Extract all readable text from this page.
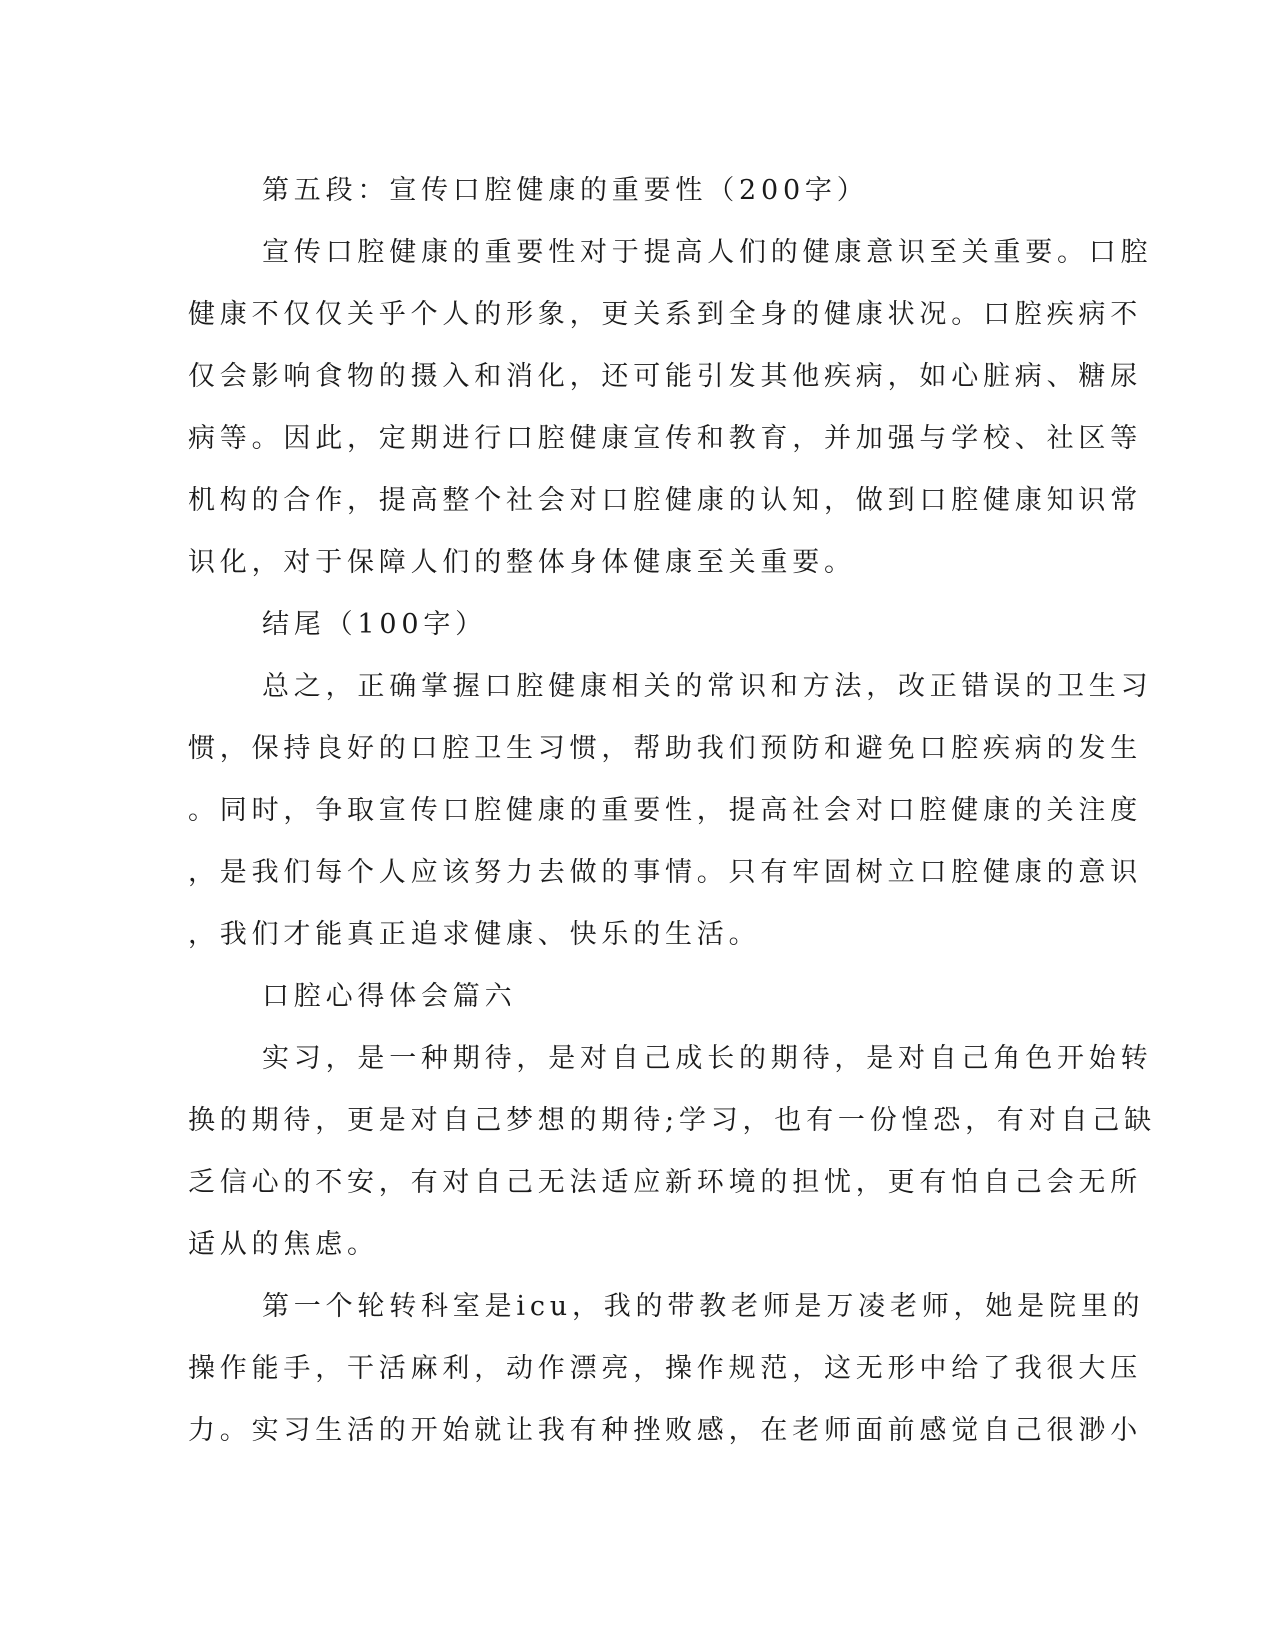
第五段：宣传口腔健康的重要性（200字）
宣传口腔健康的重要性对于提高人们的健康意识至关重要。口腔
健康不仅仅关乎个人的形象，更关系到全身的健康状况。口腔疾病不
仅会影响食物的摄入和消化，还可能引发其他疾病，如心脏病、糖尿
病等。因此，定期进行口腔健康宣传和教育，并加强与学校、社区等
机构的合作，提高整个社会对口腔健康的认知，做到口腔健康知识常
识化，对于保障人们的整体身体健康至关重要。
结尾（100字）
总之，正确掌握口腔健康相关的常识和方法，改正错误的卫生习
惯，保持良好的口腔卫生习惯，帮助我们预防和避免口腔疾病的发生
。同时，争取宣传口腔健康的重要性，提高社会对口腔健康的关注度
，是我们每个人应该努力去做的事情。只有牢固树立口腔健康的意识
，我们才能真正追求健康、快乐的生活。
口腔心得体会篇六
实习，是一种期待，是对自己成长的期待，是对自己角色开始转
换的期待，更是对自己梦想的期待;学习，也有一份惶恐，有对自己缺
乏信心的不安，有对自己无法适应新环境的担忧，更有怕自己会无所
适从的焦虑。
第一个轮转科室是icu，我的带教老师是万凌老师，她是院里的
操作能手，干活麻利，动作漂亮，操作规范，这无形中给了我很大压
力。实习生活的开始就让我有种挫败感，在老师面前感觉自己很渺小
